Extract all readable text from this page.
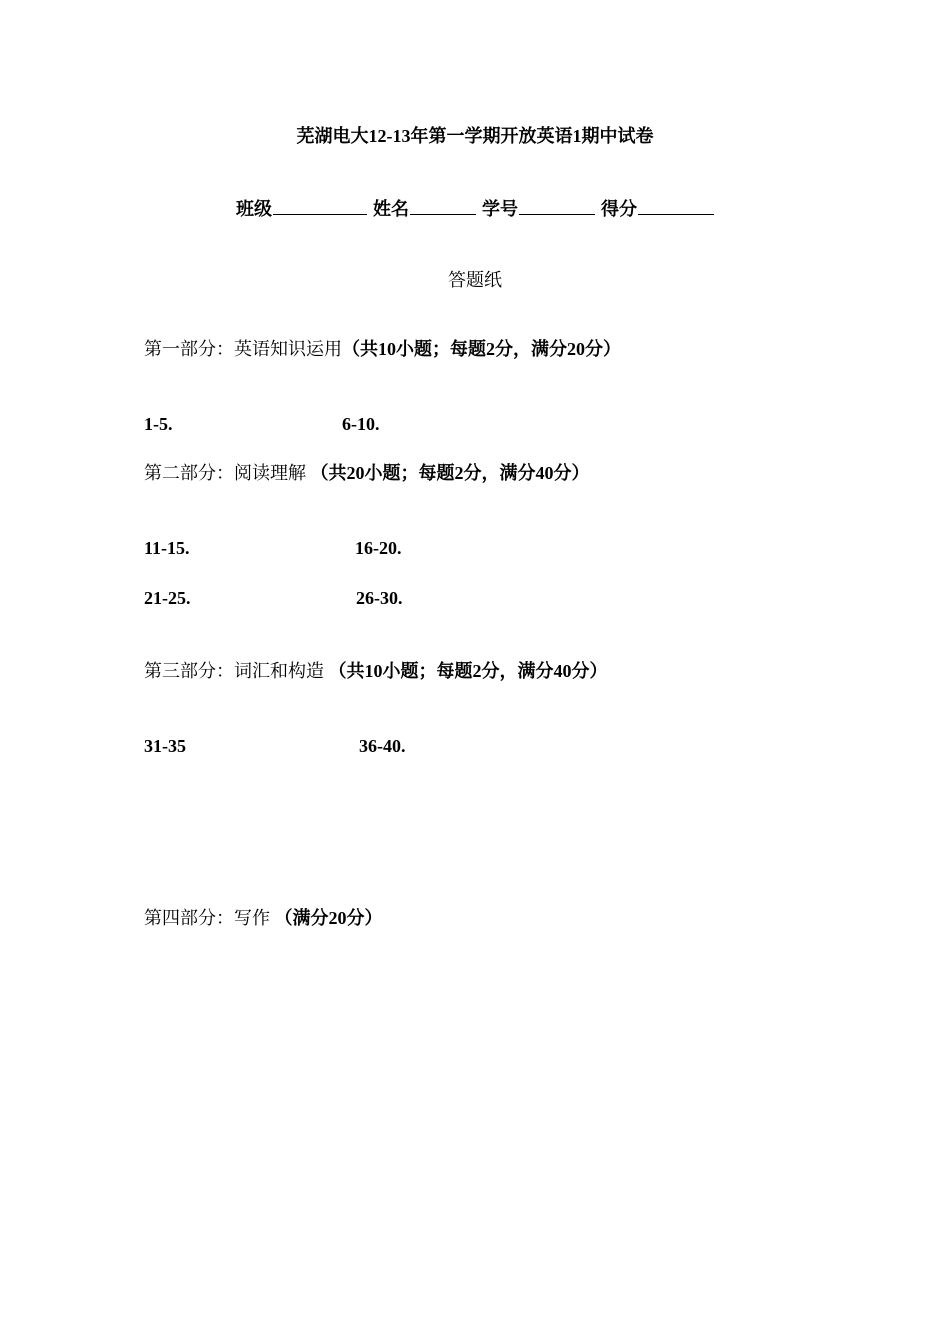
芜湖电大12-13年第一学期开放英语1期中试卷
班级	姓名	学号	得分
答题纸
第一部分：英语知识运用（共10小题；每题2分，满分20分）
1-5.	6-10.
第二部分：阅读理解 （共20小题；每题2分，满分40分）
11-15.	16-20.
21-25.	26-30.
第三部分：词汇和构造 （共10小题；每题2分，满分40分）
31-35	36-40.
第四部分：写作 （满分20分）
